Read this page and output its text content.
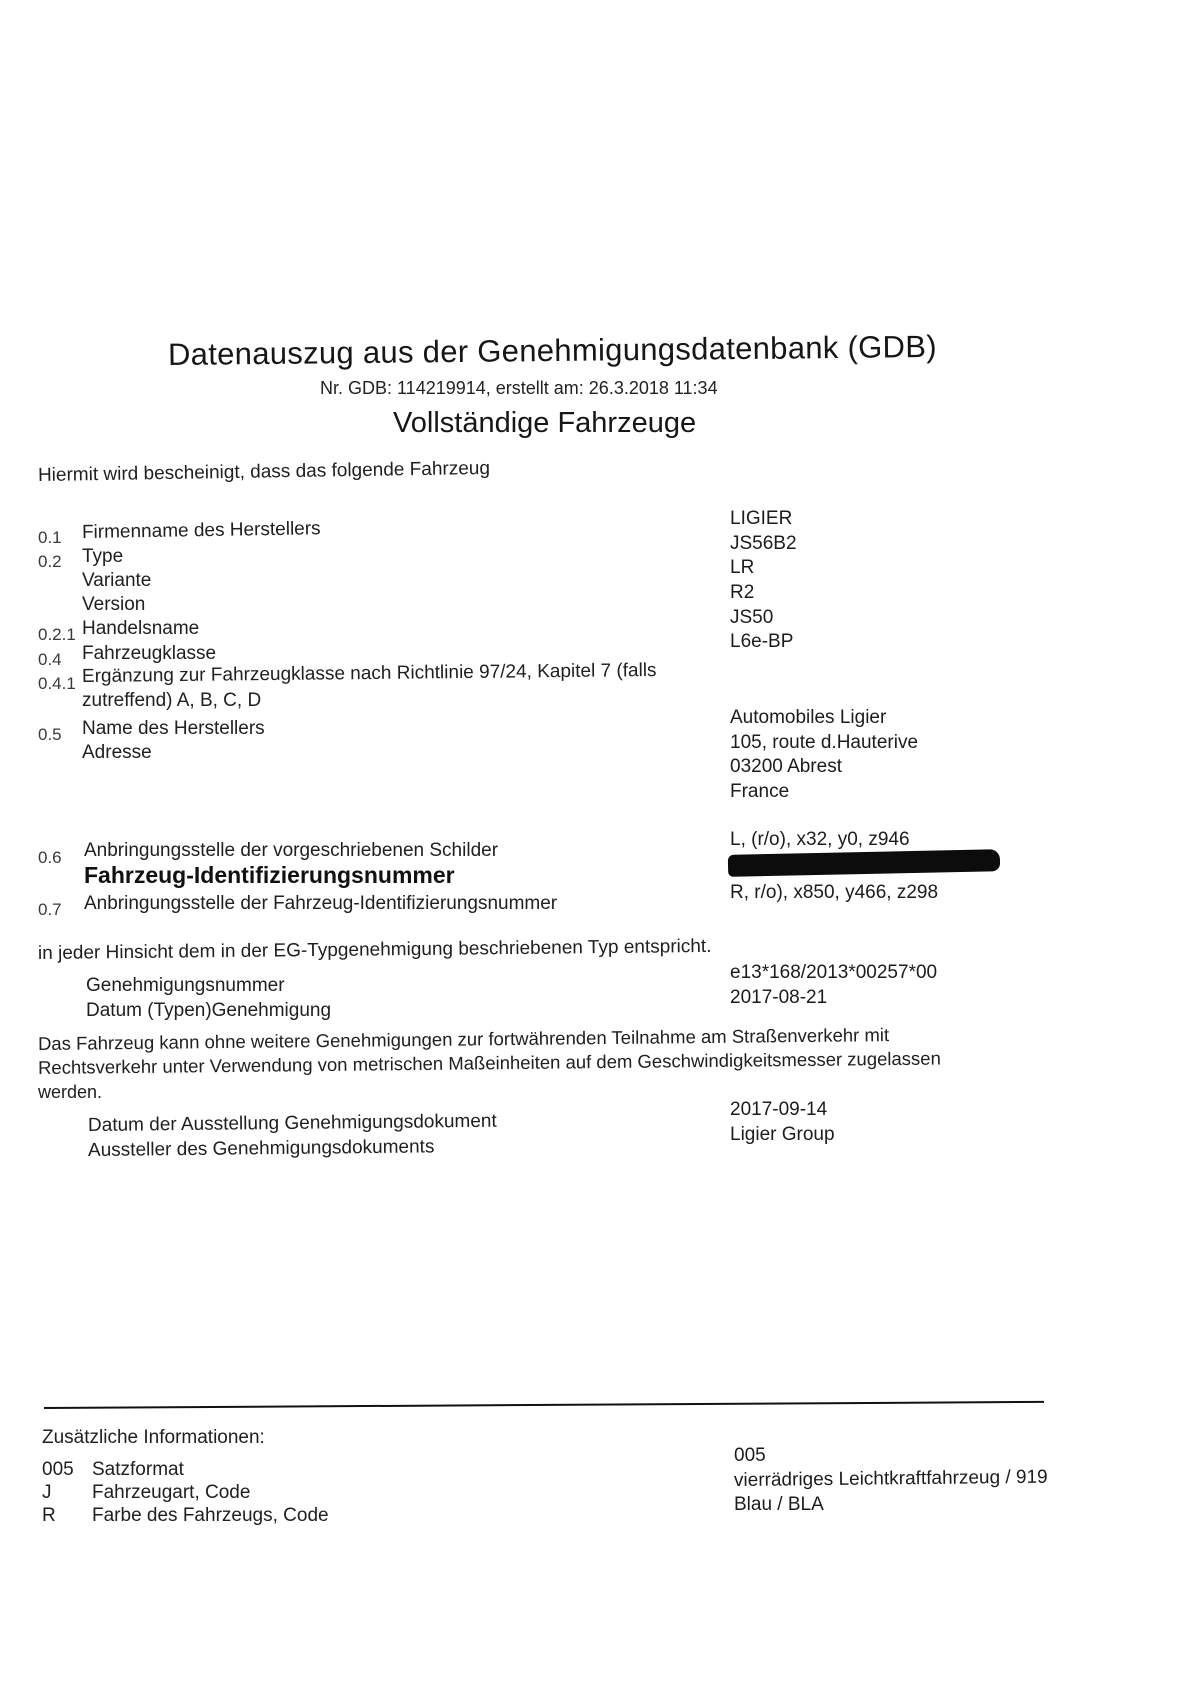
Datenauszug aus der Genehmigungsdatenbank (GDB)
Nr. GDB: 114219914, erstellt am: 26.3.2018 11:34
Vollständige Fahrzeuge
Hiermit wird bescheinigt, dass das folgende Fahrzeug
0.1 Firmenname des Herstellers	LIGIER
0.2 Type
JS56B2
Variante
LR
Version
R2
0.2.1 Handelsname
JS50
0.4 Fahrzeugklasse
L6e-BP
0.4.1 Ergänzung zur Fahrzeugklasse nach Richtlinie 97/24, Kapitel 7 (falls
zutreffend) A, B, C, D
0.5 Name des Herstellers
Automobiles Ligier
Adresse	105, route d.Hauterive
03200 Abrest
France
0.6 Anbringungsstelle der vorgeschriebenen Schilder
L, (r/o), x32, y0, z946
Fahrzeug-Identifizierungsnummer
0.7 Anbringungsstelle der Fahrzeug-Identifizierungsnummer
R, r/o), x850, y466, z298
in jeder Hinsicht dem in der EG-Typgenehmigung beschriebenen Typ entspricht.
Genehmigungsnummer
e13*168/2013*00257*00
Datum (Typen)Genehmigung
2017-08-21
Das Fahrzeug kann ohne weitere Genehmigungen zur fortwährenden Teilnahme am Straßenverkehr mit
Rechtsverkehr unter Verwendung von metrischen Maßeinheiten auf dem Geschwindigkeitsmesser zugelassen
werden.
Datum der Ausstellung Genehmigungsdokument
2017-09-14
Aussteller des Genehmigungsdokuments
Ligier Group
Zusätzliche Informationen:
005 Satzformat
005
J Fahrzeugart, Code
vierrädriges Leichtkraftfahrzeug / 919
R Farbe des Fahrzeugs, Code
Blau / BLA
